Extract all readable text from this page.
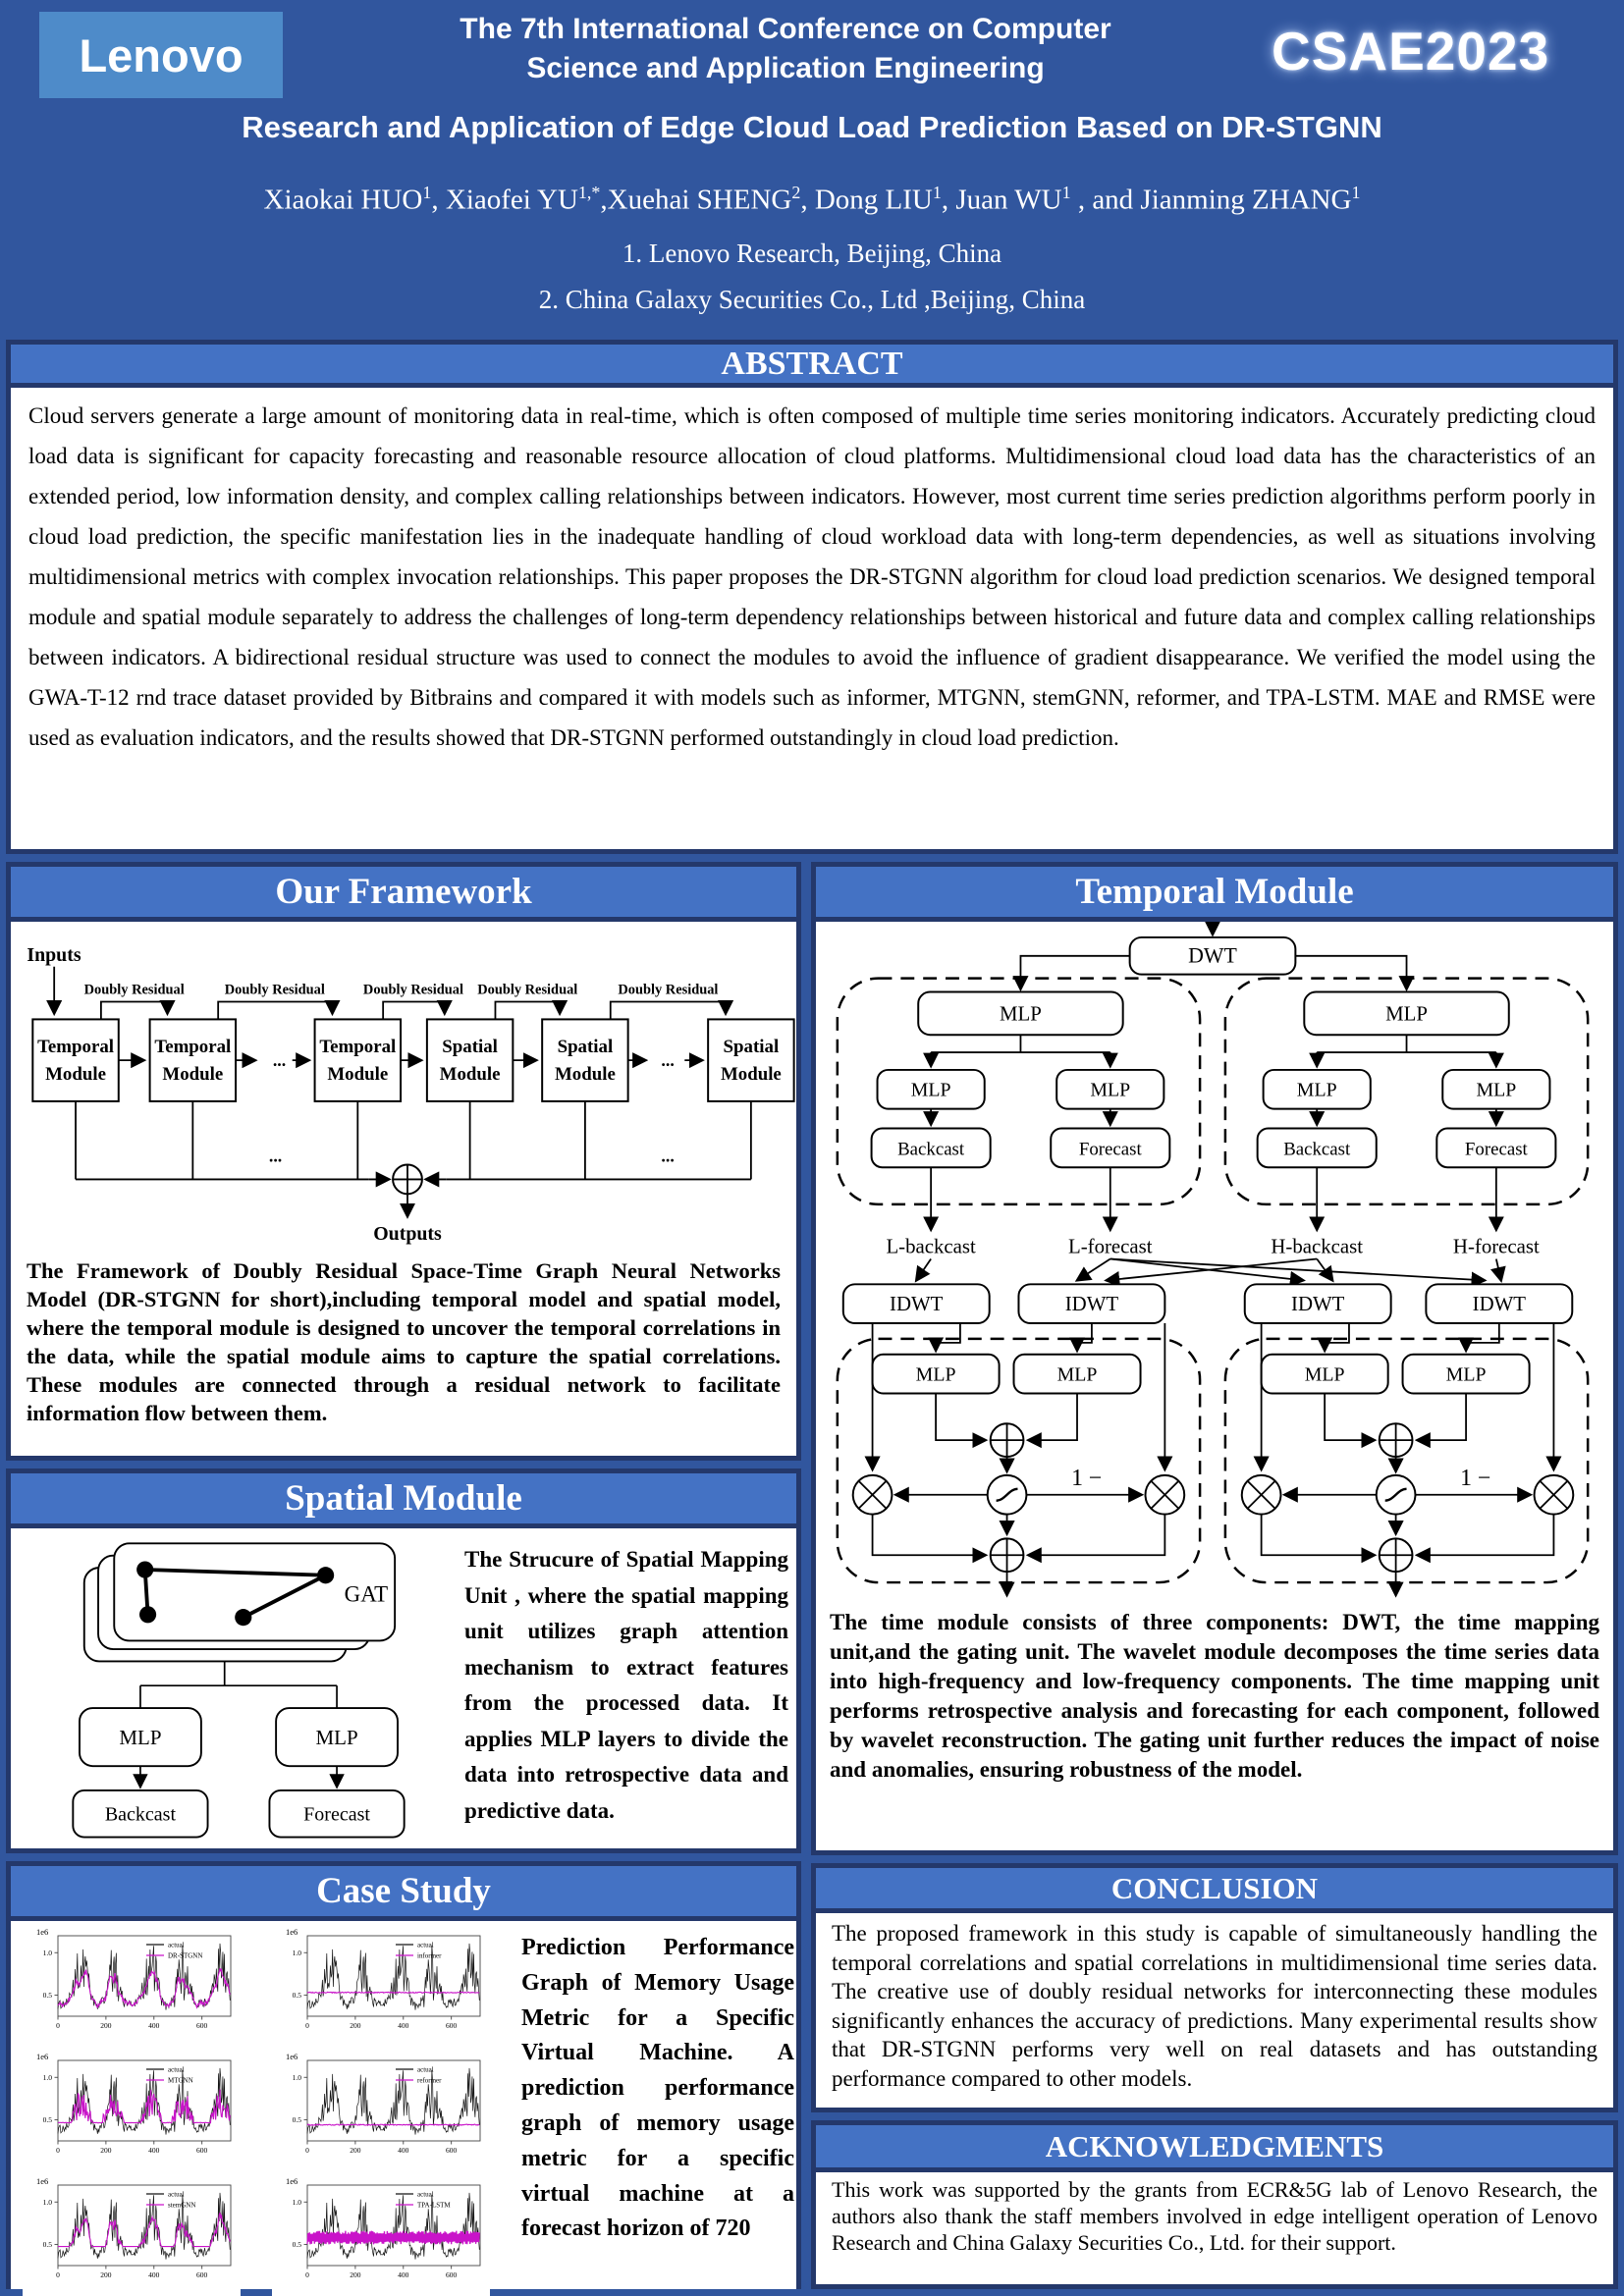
Lenovo	The 7th International Conference on Computer
Science and Application Engineering	CSAE2023
Research and Application of Edge Cloud Load Prediction Based on DR-STGNN
Xiaokai HUO$^1$, Xiaofei $YU^{1,*},Xuehai$ SHENG$^2$, Dong LIU$^1$, Juan $WU^1$ , and Jianming ZHANG$^1$
1. Lenovo Research, Beijing, China
2. China Galaxy Securities Co., Ltd ,Beijing, China
ABSTRACT
Cloud servers generate a large amount of monitoring data in real-time, which is often composed of multiple time series monitoring indicators. Accurately predicting cloud load data is significant for capacity forecasting and reasonable resource allocation of cloud platforms. Multidimensional cloud load data has the characteristics of an extended period, low information density, and complex calling relationships between indicators. However, most current time series prediction algorithms perform poorly in cloud load prediction, the specific manifestation lies in the inadequate handling of cloud workload data with long-term dependencies, as well as situations involving multidimensional metrics with complex invocation relationships. This paper proposes the DR-STGNN algorithm for cloud load prediction scenarios. We designed temporal module and spatial module separately to address the challenges of long-term dependency relationships between historical and future data and complex calling relationships between indicators. A bidirectional residual structure was used to connect the modules to avoid the influence of gradient disappearance. We verified the model using the GWA-T-12 rnd trace dataset provided by Bitbrains and compared it with models such as informer, MTGNN, stemGNN, reformer, and TPA-LSTM. MAE and RMSE were used as evaluation indicators, and the results showed that DR-STGNN performed outstandingly in cloud load prediction.
Our Framework
Inputs
Doubly Residual	Doubly Residual	Doubly Residual Doubly Residual	Doubly Residual
Temporal
Module
Temporal
Module
Temporal
Module
Spatial
Module
Spatial
Module
Spatial
Module
...	...
...	...
Outputs
The Framework of Doubly Residual Space-Time Graph Neural Networks Model (DR-STGNN for short),including temporal model and spatial model, where the temporal module is designed to uncover the temporal correlations in the data, while the spatial module aims to capture the spatial correlations. These modules are connected through a residual network to facilitate information flow between them.
Spatial Module
GAT
MLP	MLP
Backcast	Forecast
The Strucure of Spatial Mapping Unit , where the spatial mapping unit utilizes graph attention mechanism to extract features from the processed data. It applies MLP layers to divide the data into retrospective data and predictive data.
Case Study
1e6
0.5
1.0
0	200	400	600
actual
DR-STGNN
1e6
0.5
1.0
0	200	400	600
actual
informer
1e6
0.5
1.0
0	200	400	600
actual
MTGNN
1e6
0.5
1.0
0	200	400	600
actual
reformer
1e6
0.5
1.0
0	200	400	600
actual
stemGNN
1e6
0.5
1.0
0	200	400	600
actual
TPA-LSTM
Prediction Performance Graph of Memory Usage Metric for a Specific Virtual Machine. A prediction performance graph of memory usage metric for a specific virtual machine at a forecast horizon of 720
Temporal Module
DWT
MLP
MLP	MLP
Backcast	Forecast
MLP
MLP	MLP
Backcast	Forecast
L-backcast	L-forecast	H-backcast	H-forecast
IDWT	IDWT	IDWT	IDWT
MLP	MLP
1 −
MLP	MLP
1 −
The time module consists of three components: DWT, the time mapping unit,and the gating unit. The wavelet module decomposes the time series data into high-frequency and low-frequency components. The time mapping unit performs retrospective analysis and forecasting for each component, followed by wavelet reconstruction. The gating unit further reduces the impact of noise and anomalies, ensuring robustness of the model.
CONCLUSION
The proposed framework in this study is capable of simultaneously handling the temporal correlations and spatial correlations in multidimensional time series data. The creative use of doubly residual networks for interconnecting these modules significantly enhances the accuracy of predictions. Many experimental results show that DR-STGNN performs very well on real datasets and has outstanding performance compared to other models.
ACKNOWLEDGMENTS
This work was supported by the grants from ECR&5G lab of Lenovo Research, the authors also thank the staff members involved in edge intelligent operation of Lenovo Research and China Galaxy Securities Co., Ltd. for their support.
